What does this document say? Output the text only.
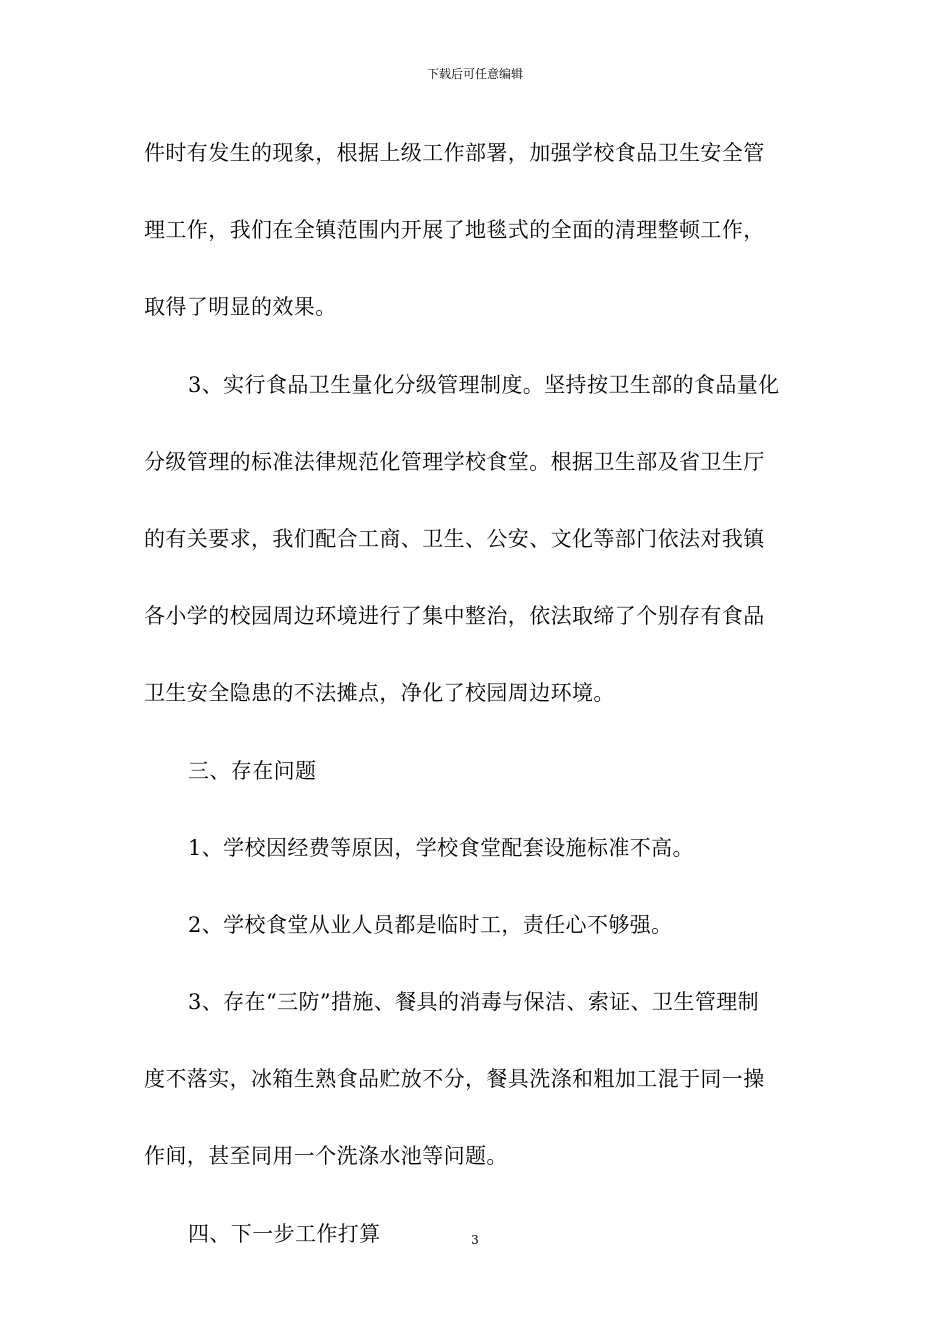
下载后可任意编辑
件时有发生的现象，根据上级工作部署，加强学校食品卫生安全管
理工作，我们在全镇范围内开展了地毯式的全面的清理整顿工作，
取得了明显的效果。
3、实行食品卫生量化分级管理制度。坚持按卫生部的食品量化
分级管理的标准法律规范化管理学校食堂。根据卫生部及省卫生厅
的有关要求，我们配合工商、卫生、公安、文化等部门依法对我镇
各小学的校园周边环境进行了集中整治，依法取缔了个别存有食品
卫生安全隐患的不法摊点，净化了校园周边环境。
三、存在问题
1、学校因经费等原因，学校食堂配套设施标准不高。
2、学校食堂从业人员都是临时工，责任心不够强。
3、存在“三防”措施、餐具的消毒与保洁、索证、卫生管理制
度不落实，冰箱生熟食品贮放不分，餐具洗涤和粗加工混于同一操
作间，甚至同用一个洗涤水池等问题。
四、下一步工作打算	3
